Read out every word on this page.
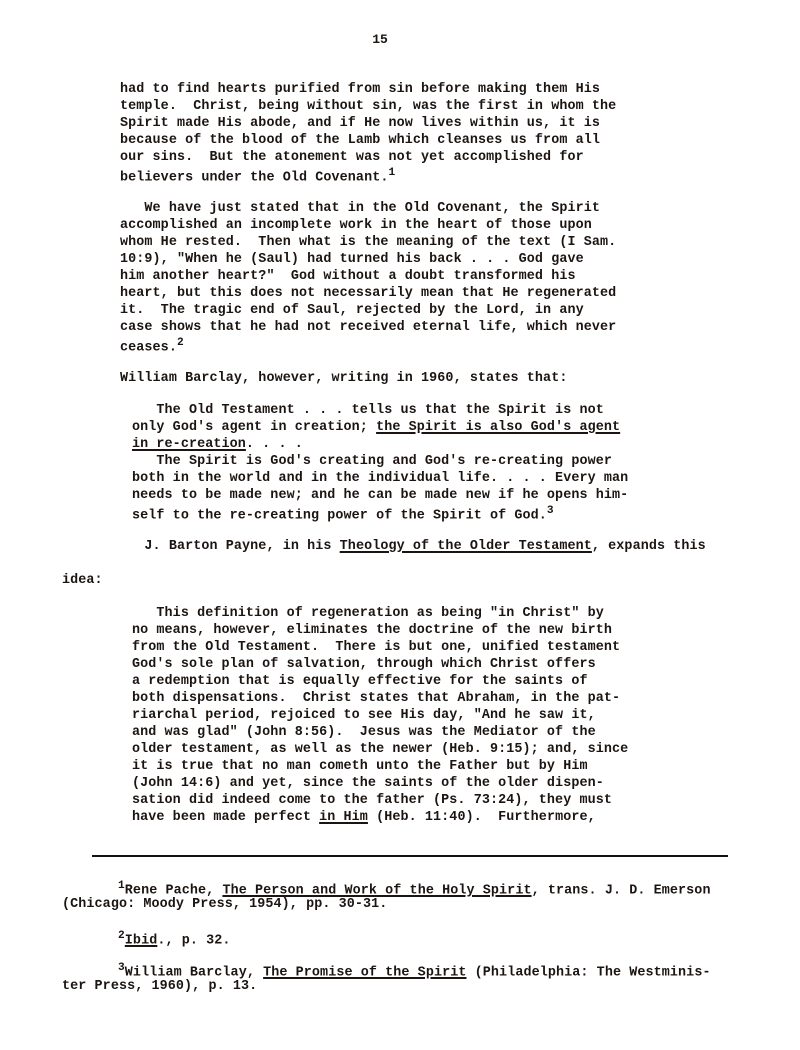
15
had to find hearts purified from sin before making them His
temple.  Christ, being without sin, was the first in whom the
Spirit made His abode, and if He now lives within us, it is
because of the blood of the Lamb which cleanses us from all
our sins.  But the atonement was not yet accomplished for
believers under the Old Covenant.$^1$
We have just stated that in the Old Covenant, the Spirit
accomplished an incomplete work in the heart of those upon
whom He rested.  Then what is the meaning of the text (I Sam.
10:9), "When he (Saul) had turned his back . . . God gave
him another heart?"  God without a doubt transformed his
heart, but this does not necessarily mean that He regenerated
it.  The tragic end of Saul, rejected by the Lord, in any
case shows that he had not received eternal life, which never
ceases.$^2$
William Barclay, however, writing in 1960, states that:
The Old Testament . . . tells us that the Spirit is not
only God's agent in creation; the Spirit is also God's agent
in re-creation. . . .
The Spirit is God's creating and God's re-creating power
both in the world and in the individual life. . . . Every man
needs to be made new; and he can be made new if he opens him-
self to the re-creating power of the Spirit of God.$^3$
J. Barton Payne, in his Theology of the Older Testament, expands this
idea:
This definition of regeneration as being "in Christ" by
no means, however, eliminates the doctrine of the new birth
from the Old Testament.  There is but one, unified testament
God's sole plan of salvation, through which Christ offers
a redemption that is equally effective for the saints of
both dispensations.  Christ states that Abraham, in the pat-
riarchal period, rejoiced to see His day, "And he saw it,
and was glad" (John 8:56).  Jesus was the Mediator of the
older testament, as well as the newer (Heb. 9:15); and, since
it is true that no man cometh unto the Father but by Him
(John 14:6) and yet, since the saints of the older dispen-
sation did indeed come to the father (Ps. 73:24), they must
have been made perfect in Him (Heb. 11:40).  Furthermore,
$^1$Rene Pache, The Person and Work of the Holy Spirit, trans. J. D. Emerson
(Chicago: Moody Press, 1954), pp. 30-31.
$^2$Ibid., p. 32.
$^3$William Barclay, The Promise of the Spirit (Philadelphia: The Westminis-
ter Press, 1960), p. 13.
